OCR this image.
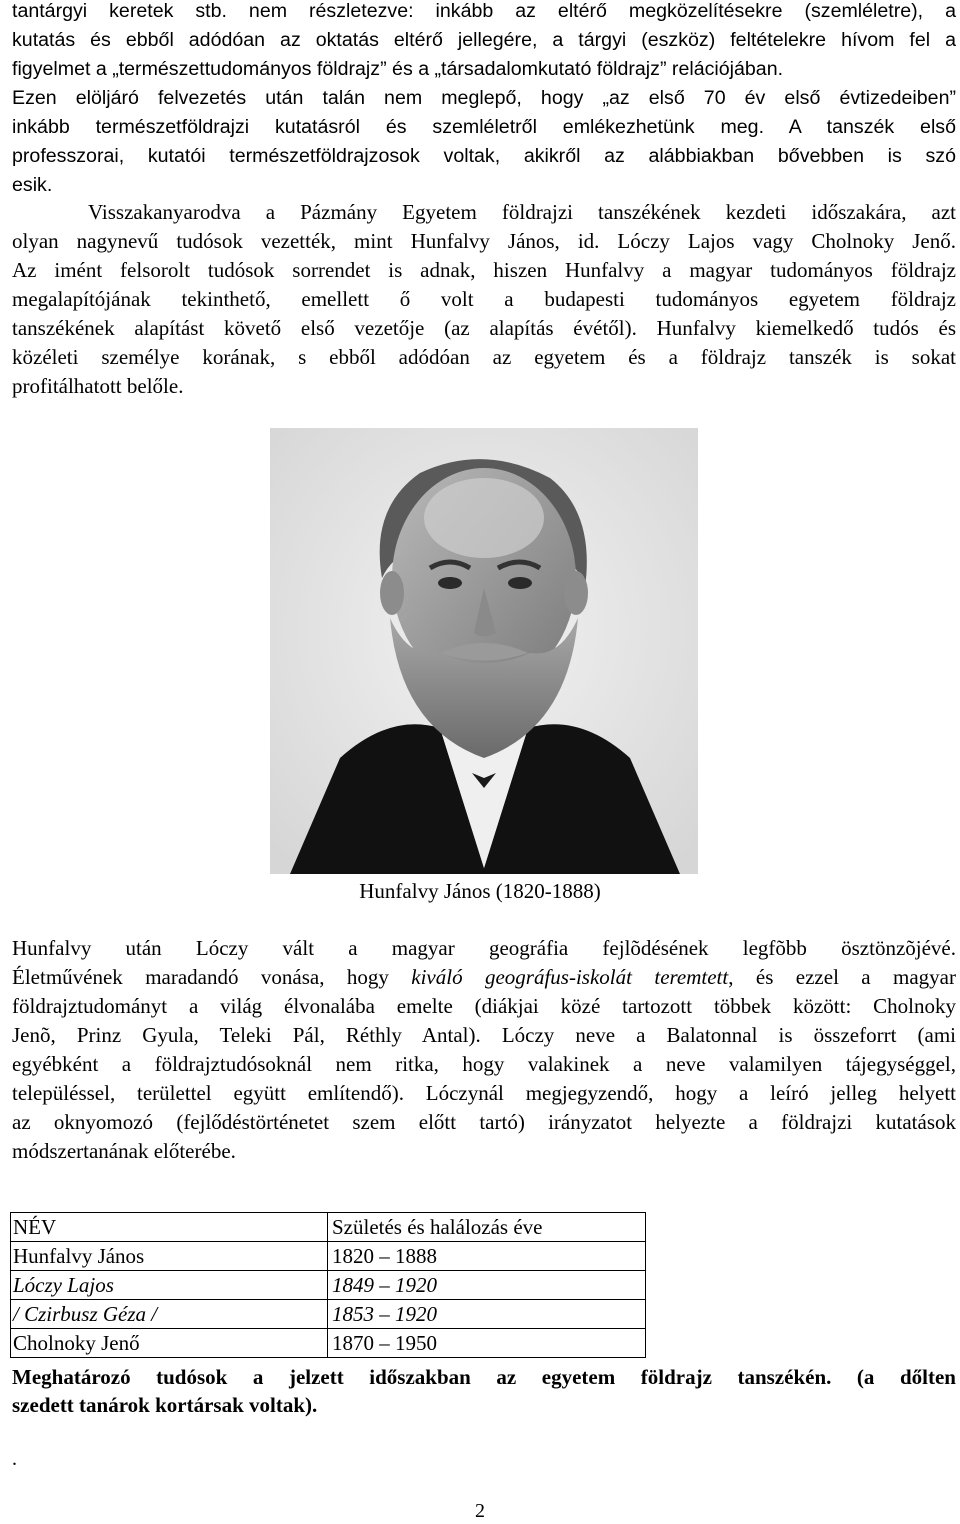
tantárgyi keretek stb. nem részletezve: inkább az eltérő megközelítésekre (szemléletre), a
kutatás és ebből adódóan az oktatás eltérő jellegére, a tárgyi (eszköz) feltételekre hívom fel a
figyelmet a „természettudományos földrajz” és a „társadalomkutató földrajz” relációjában.
Ezen elöljáró felvezetés után talán nem meglepő, hogy „az első 70 év első évtizedeiben”
inkább természetföldrajzi kutatásról és szemléletről emlékezhetünk meg. A tanszék első
professzorai, kutatói természetföldrajzosok voltak, akikről az alábbiakban bővebben is szó
esik.
Visszakanyarodva a Pázmány Egyetem földrajzi tanszékének kezdeti időszakára, azt
olyan nagynevű tudósok vezették, mint Hunfalvy János, id. Lóczy Lajos vagy Cholnoky Jenő.
Az imént felsorolt tudósok sorrendet is adnak, hiszen Hunfalvy a magyar tudományos földrajz
megalapítójának tekinthető, emellett ő volt a budapesti tudományos egyetem földrajz
tanszékének alapítást követő első vezetője (az alapítás évétől). Hunfalvy kiemelkedő tudós és
közéleti személye korának, s ebből adódóan az egyetem és a földrajz tanszék is sokat
profitálhatott belőle.
Hunfalvy János (1820-1888)
Hunfalvy után Lóczy vált a magyar geográfia fejlõdésének legfõbb ösztönzõjévé.
Életművének maradandó vonása, hogy kiváló geográfus-iskolát teremtett, és ezzel a magyar
földrajztudományt a világ élvonalába emelte (diákjai közé tartozott többek között: Cholnoky
Jenõ, Prinz Gyula, Teleki Pál, Réthly Antal). Lóczy neve a Balatonnal is összeforrt (ami
egyébként a földrajztudósoknál nem ritka, hogy valakinek a neve valamilyen tájegységgel,
településsel, területtel együtt említendő). Lóczynál megjegyzendő, hogy a leíró jelleg helyett
az oknyomozó (fejlődéstörténetet szem előtt tartó) irányzatot helyezte a földrajzi kutatások
módszertanának előterébe.
NÉV	Születés és halálozás éve
Hunfalvy János	1820 – 1888
Lóczy Lajos	1849 – 1920
/ Czirbusz Géza /	1853 – 1920
Cholnoky Jenő	1870 – 1950
Meghatározó tudósok a jelzett időszakban az egyetem földrajz tanszékén. (a dőlten
szedett tanárok kortársak voltak).
.
2
